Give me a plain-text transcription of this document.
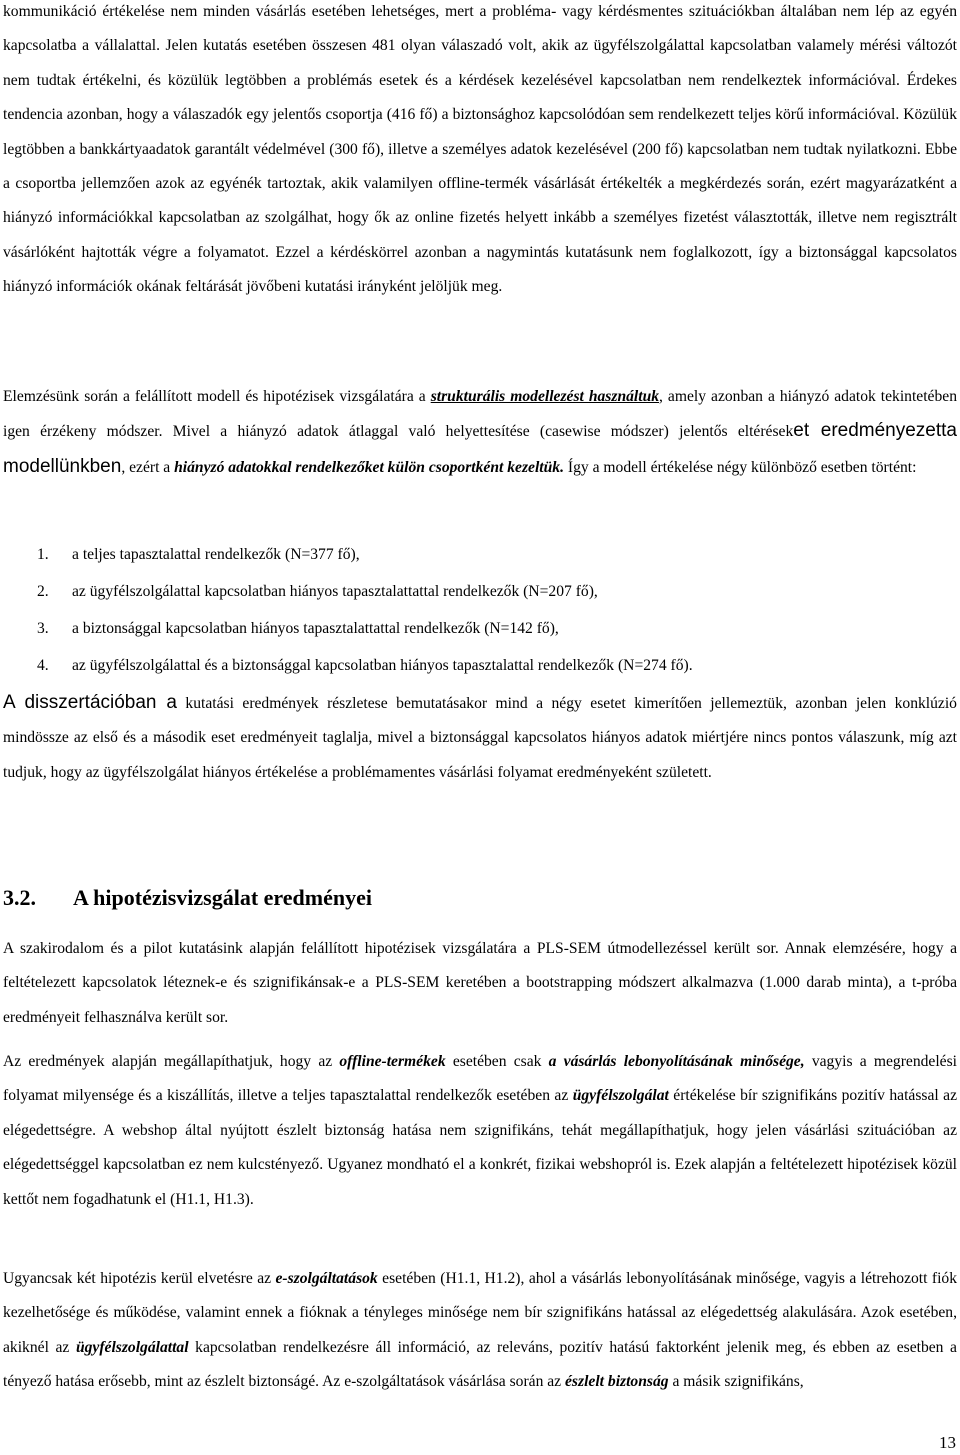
kommunikáció értékelése nem minden vásárlás esetében lehetséges, mert a probléma- vagy kérdésmentes szituációkban általában nem lép az egyén kapcsolatba a vállalattal. Jelen kutatás esetében összesen 481 olyan válaszadó volt, akik az ügyfélszolgálattal kapcsolatban valamely mérési változót nem tudtak értékelni, és közülük legtöbben a problémás esetek és a kérdések kezelésével kapcsolatban nem rendelkeztek információval. Érdekes tendencia azonban, hogy a válaszadók egy jelentős csoportja (416 fő) a biztonsághoz kapcsolódóan sem rendelkezett teljes körű információval. Közülük legtöbben a bankkártyaadatok garantált védelmével (300 fő), illetve a személyes adatok kezelésével (200 fő) kapcsolatban nem tudtak nyilatkozni. Ebbe a csoportba jellemzően azok az egyénék tartoztak, akik valamilyen offline-termék vásárlását értékelték a megkérdezés során, ezért magyarázatként a hiányzó információkkal kapcsolatban az szolgálhat, hogy ők az online fizetés helyett inkább a személyes fizetést választották, illetve nem regisztrált vásárlóként hajtották végre a folyamatot. Ezzel a kérdéskörrel azonban a nagymintás kutatásunk nem foglalkozott, így a biztonsággal kapcsolatos hiányzó információk okának feltárását jövőbeni kutatási irányként jelöljük meg.

Elemzésünk során a felállított modell és hipotézisek vizsgálatára a strukturális modellezést használtuk, amely azonban a hiányzó adatok tekintetében igen érzékeny módszer. Mivel a hiányzó adatok átlaggal való helyettesítése (casewise módszer) jelentős eltéréseket eredményezetta modellünkben, ezért a hiányzó adatokkal rendelkezőket külön csoportként kezeltük. Így a modell értékelése négy különböző esetben történt:

1. a teljes tapasztalattal rendelkezők (N=377 fő),
2. az ügyfélszolgálattal kapcsolatban hiányos tapasztalattattal rendelkezők (N=207 fő),
3. a biztonsággal kapcsolatban hiányos tapasztalattattal rendelkezők (N=142 fő),
4. az ügyfélszolgálattal és a biztonsággal kapcsolatban hiányos tapasztalattal rendelkezők (N=274 fő).

A disszertációban a kutatási eredmények részletese bemutatásakor mind a négy esetet kimerítően jellemeztük, azonban jelen konklúzió mindössze az első és a második eset eredményeit taglalja, mivel a biztonsággal kapcsolatos hiányos adatok miértjére nincs pontos válaszunk, míg azt tudjuk, hogy az ügyfélszolgálat hiányos értékelése a problémamentes vásárlási folyamat eredményeként született.

3.2. A hipotézisvizsgálat eredményei

A szakirodalom és a pilot kutatásink alapján felállított hipotézisek vizsgálatára a PLS-SEM útmodellezéssel került sor. Annak elemzésére, hogy a feltételezett kapcsolatok léteznek-e és szignifikánsak-e a PLS-SEM keretében a bootstrapping módszert alkalmazva (1.000 darab minta), a t-próba eredményeit felhasználva került sor.

Az eredmények alapján megállapíthatjuk, hogy az offline-termékek esetében csak a vásárlás lebonyolításának minősége, vagyis a megrendelési folyamat milyensége és a kiszállítás, illetve a teljes tapasztalattal rendelkezők esetében az ügyfélszolgálat értékelése bír szignifikáns pozitív hatással az elégedettségre. A webshop által nyújtott észlelt biztonság hatása nem szignifikáns, tehát megállapíthatjuk, hogy jelen vásárlási szituációban az elégedettséggel kapcsolatban ez nem kulcstényező. Ugyanez mondható el a konkrét, fizikai webshopról is. Ezek alapján a feltételezett hipotézisek közül kettőt nem fogadhatunk el (H1.1, H1.3).

Ugyancsak két hipotézis kerül elvetésre az e-szolgáltatások esetében (H1.1, H1.2), ahol a vásárlás lebonyolításának minősége, vagyis a létrehozott fiók kezelhetősége és működése, valamint ennek a fióknak a tényleges minősége nem bír szignifikáns hatással az elégedettség alakulására. Azok esetében, akiknél az ügyfélszolgálattal kapcsolatban rendelkezésre áll információ, az releváns, pozitív hatású faktorként jelenik meg, és ebben az esetben a tényező hatása erősebb, mint az észlelt biztonságé. Az e-szolgáltatások vásárlása során az észlelt biztonság a másik szignifikáns,

13
